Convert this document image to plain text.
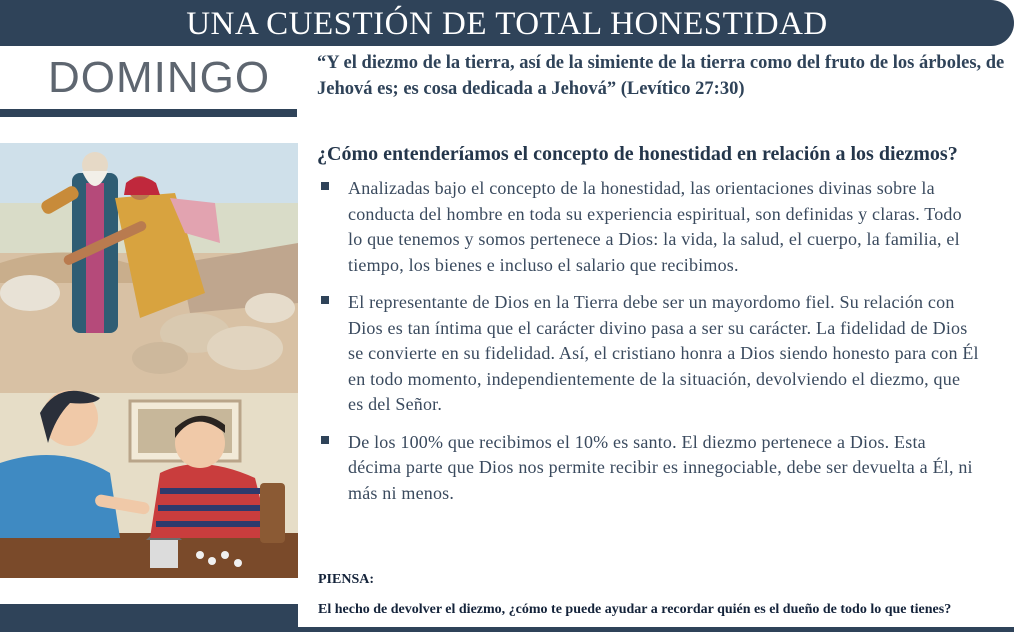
UNA CUESTIÓN DE TOTAL HONESTIDAD
DOMINGO	“Y el diezmo de la tierra, así de la simiente de la tierra como del fruto de los árboles, de Jehová es; es cosa dedicada a Jehová” (Levítico 27:30)
¿Cómo entenderíamos el concepto de honestidad en relación a los diezmos?
Analizadas bajo el concepto de la honestidad, las orientaciones divinas sobre la conducta del hombre en toda su experiencia espiritual, son definidas y claras. Todo lo que tenemos y somos pertenece a Dios: la vida, la salud, el cuerpo, la familia, el tiempo, los bienes e incluso el salario que recibimos.
El representante de Dios en la Tierra debe ser un mayordomo fiel. Su relación con Dios es tan íntima que el carácter divino pasa a ser su carácter. La fidelidad de Dios se convierte en su fidelidad. Así, el cristiano honra a Dios siendo honesto para con Él en todo momento, independientemente de la situación, devolviendo el diezmo, que es del Señor.
De los 100% que recibimos el 10% es santo. El diezmo pertenece a Dios. Esta décima parte que Dios nos permite recibir es innegociable, debe ser devuelta a Él, ni más ni menos.
PIENSA:
El hecho de devolver el diezmo, ¿cómo te puede ayudar a recordar quién es el dueño de todo lo que tienes?
